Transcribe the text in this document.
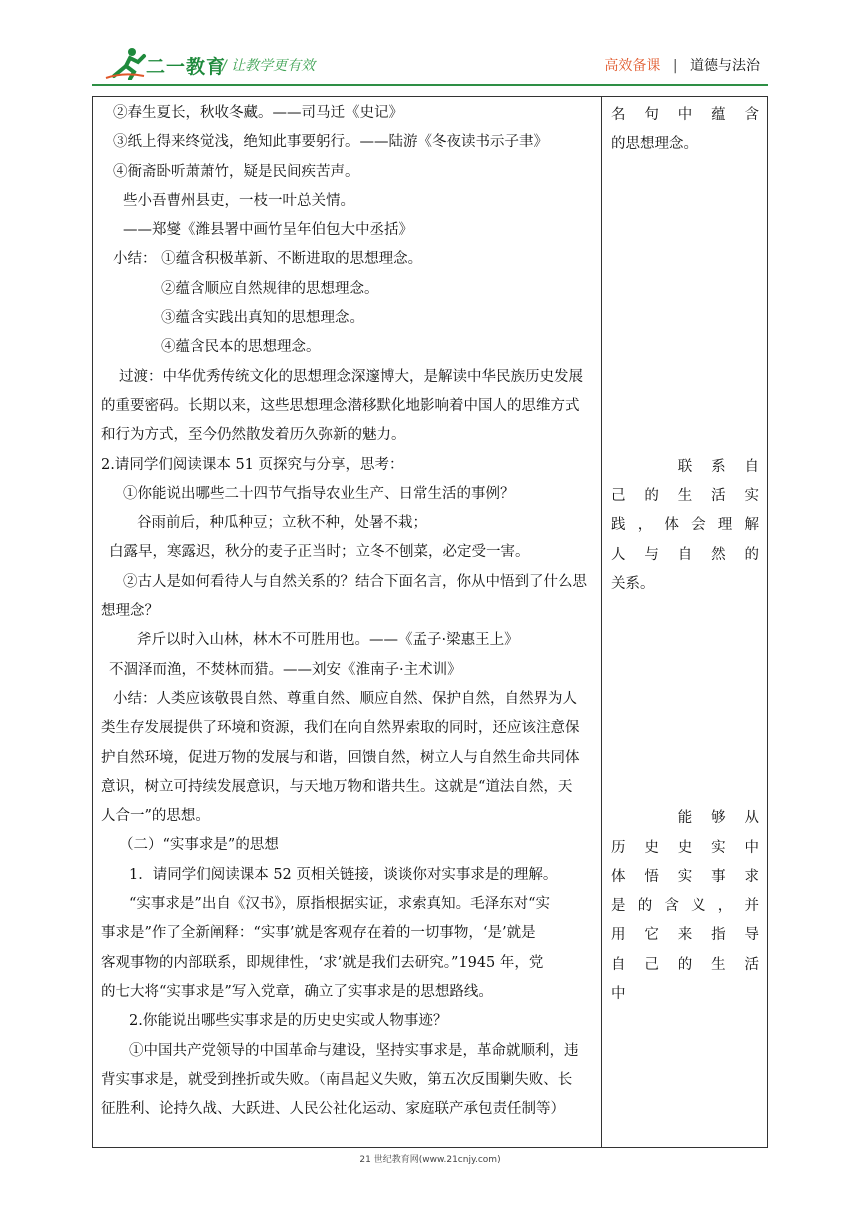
二一教育
/ 让教学更有效	高效备课 | 道德与法治
②春生夏长，秋收冬藏。——司马迁《史记》
③纸上得来终觉浅，绝知此事要躬行。——陆游《冬夜读书示子聿》
④衙斋卧听萧萧竹，疑是民间疾苦声。
些小吾曹州县吏，一枝一叶总关情。
——郑燮《潍县署中画竹呈年伯包大中丞括》
小结： ①蕴含积极革新、不断进取的思想理念。
②蕴含顺应自然规律的思想理念。
③蕴含实践出真知的思想理念。
④蕴含民本的思想理念。
过渡：中华优秀传统文化的思想理念深邃博大，是解读中华民族历史发展
的重要密码。长期以来，这些思想理念潜移默化地影响着中国人的思维方式
和行为方式，至今仍然散发着历久弥新的魅力。
2.请同学们阅读课本 51 页探究与分享，思考：
①你能说出哪些二十四节气指导农业生产、日常生活的事例？
谷雨前后，种瓜种豆；立秋不种，处暑不栽；
白露早，寒露迟，秋分的麦子正当时；立冬不刨菜，必定受一害。
②古人是如何看待人与自然关系的？结合下面名言，你从中悟到了什么思
想理念？
斧斤以时入山林，林木不可胜用也。——《孟子·梁惠王上》
不涸泽而渔，不焚林而猎。——刘安《淮南子·主术训》
小结：人类应该敬畏自然、尊重自然、顺应自然、保护自然，自然界为人
类生存发展提供了环境和资源，我们在向自然界索取的同时，还应该注意保
护自然环境，促进万物的发展与和谐，回馈自然，树立人与自然生命共同体
意识，树立可持续发展意识，与天地万物和谐共生。这就是“道法自然，天
人合一”的思想。
（二）“实事求是”的思想
1．请同学们阅读课本 52 页相关链接，谈谈你对实事求是的理解。
“实事求是”出自《汉书》，原指根据实证，求索真知。毛泽东对“实
事求是”作了全新阐释：“实事’就是客观存在着的一切事物，‘是’就是
客观事物的内部联系，即规律性，‘求’就是我们去研究。”1945 年，党
的七大将“实事求是”写入党章，确立了实事求是的思想路线。
2.你能说出哪些实事求是的历史史实或人物事迹？
①中国共产党领导的中国革命与建设，坚持实事求是，革命就顺利，违
背实事求是，就受到挫折或失败。（南昌起义失败，第五次反围剿失败、长
征胜利、论持久战、大跃进、人民公社化运动、家庭联产承包责任制等）
名句中蕴含
的思想理念。
　　联系自
己的生活实
践，体会理解
人与自然的
关系。
　　能够从
历史史实中
体悟实事求
是的含义，并
用它来指导
自己的生活
中
21 世纪教育网(www.21cnjy.com)
